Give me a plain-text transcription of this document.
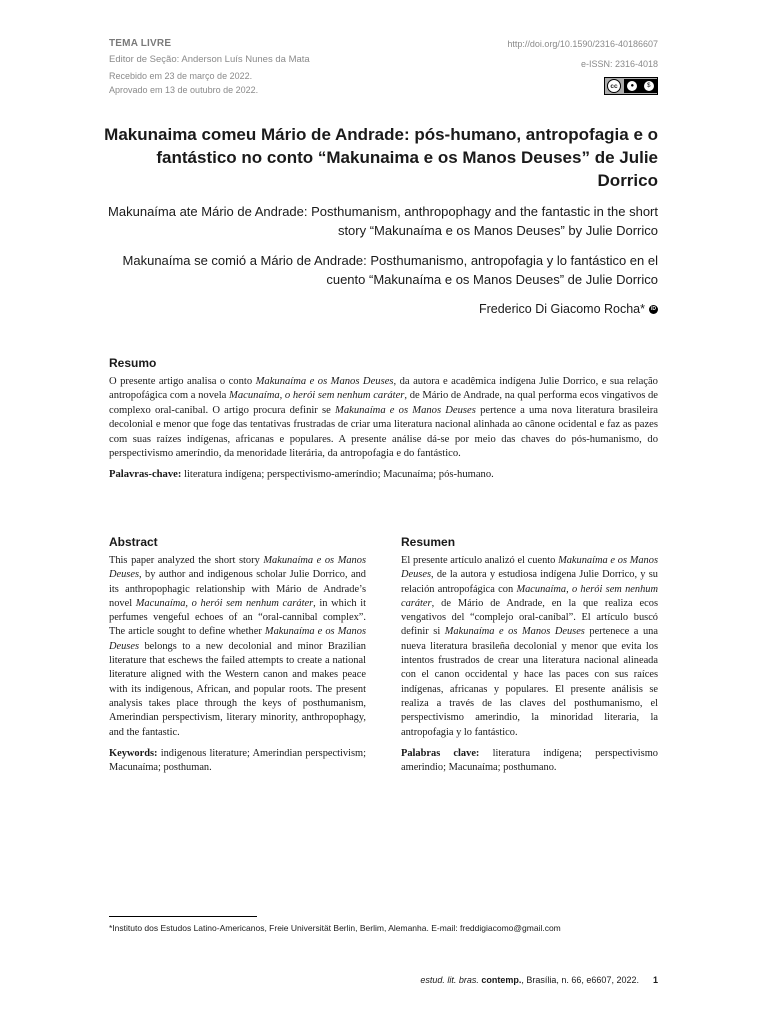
TEMA LIVRE
Editor de Seção: Anderson Luís Nunes da Mata
Recebido em 23 de março de 2022.
Aprovado em 13 de outubro de 2022.
http://doi.org/10.1590/2316-40186607
e-ISSN: 2316-4018
cc	●	$
Makunaima comeu Mário de Andrade: pós-humano, antropofagia e o fantástico no conto “Makunaima e os Manos Deuses” de Julie Dorrico
Makunaíma ate Mário de Andrade: Posthumanism, anthropophagy and the fantastic in the short story “Makunaíma e os Manos Deuses” by Julie Dorrico
Makunaíma se comió a Mário de Andrade: Posthumanismo, antropofagia y lo fantástico en el cuento “Makunaíma e os Manos Deuses” de Julie Dorrico
Frederico Di Giacomo Rocha*	iD
Resumo

O presente artigo analisa o conto Makunaíma e os Manos Deuses, da autora e acadêmica indígena Julie Dorrico, e sua relação antropofágica com a novela Macunaíma, o herói sem nenhum caráter, de Mário de Andrade, na qual performa ecos vingativos de complexo oral-canibal. O artigo procura definir se Makunaíma e os Manos Deuses pertence a uma nova literatura brasileira decolonial e menor que foge das tentativas frustradas de criar uma literatura nacional alinhada ao cânone ocidental e faz as pazes com suas raízes indígenas, africanas e populares. A presente análise dá-se por meio das chaves do pós-humanismo, do perspectivismo ameríndio, da menoridade literária, da antropofagia e do fantástico.

Palavras-chave: literatura indígena; perspectivismo-ameríndio; Macunaíma; pós-humano.
Abstract

This paper analyzed the short story Makunaíma e os Manos Deuses, by author and indigenous scholar Julie Dorrico, and its anthropophagic relationship with Mário de Andrade’s novel Macunaíma, o herói sem nenhum caráter, in which it perfumes vengeful echoes of an “oral-cannibal complex”. The article sought to define whether Makunaíma e os Manos Deuses belongs to a new decolonial and minor Brazilian literature that eschews the failed attempts to create a national literature aligned with the Western canon and makes peace with its indigenous, African, and popular roots. The present analysis takes place through the keys of posthumanism, Amerindian perspectivism, literary minority, anthropophagy, and the fantastic.

Keywords: indigenous literature; Amerindian perspectivism; Macunaíma; posthuman.
Resumen

El presente artículo analizó el cuento Makunaíma e os Manos Deuses, de la autora y estudiosa indígena Julie Dorrico, y su relación antropofágica con Macunaíma, o herói sem nenhum caráter, de Mário de Andrade, en la que realiza ecos vengativos del “complejo oral-caníbal”. El artículo buscó definir si Makunaíma e os Manos Deuses pertenece a una nueva literatura brasileña decolonial y menor que evita los intentos frustrados de crear una literatura nacional alineada con el canon occidental y hace las paces con sus raíces indígenas, africanas y populares. El presente análisis se realiza a través de las claves del posthumanismo, el perspectivismo amerindio, la minoridad literaria, la antropofagia y lo fantástico.

Palabras clave: literatura indígena; perspectivismo amerindio; Macunaíma; posthumano.
*Instituto dos Estudos Latino-Americanos, Freie Universität Berlin, Berlim, Alemanha. E-mail: freddigiacomo@gmail.com
estud. lit. bras. contemp., Brasília, n. 66, e6607, 2022. 1
